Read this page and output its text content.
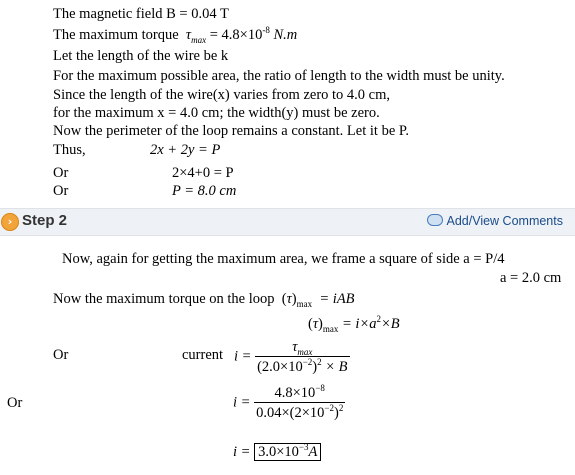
The magnetic field B = 0.04 T
The maximum torque  $\tau_{max} = 4.8\times 10^{-8}$ N.m
Let the length of the wire be k
For the maximum possible area, the ratio of length to the width must be unity.
Since the length of the wire(x) varies from zero to 4.0 cm,
for the maximum x = 4.0 cm; the width(y) must be zero.
Now the perimeter of the loop remains a constant. Let it be P.
Thus,	2x + 2y = P
Or	2×4+0 = P
Or	P = 8.0 cm
› Step 2	Add/View Comments
Now, again for getting the maximum area, we frame a square of side a = P/4
a = 2.0 cm
Now the maximum torque on the loop  $(\tau)_{max}$ = iAB
$(\tau)_{max} = i\times a^2\times B$
Or	current $i = \frac{\tau_{max}}{(2.0\times 10^{-2})^2 \times B}$
Or	$i = \frac{4.8\times 10^{-8}}{0.04\times(2\times 10^{-2})^2}$
$i = 3.0\times 10^{-3}A$
